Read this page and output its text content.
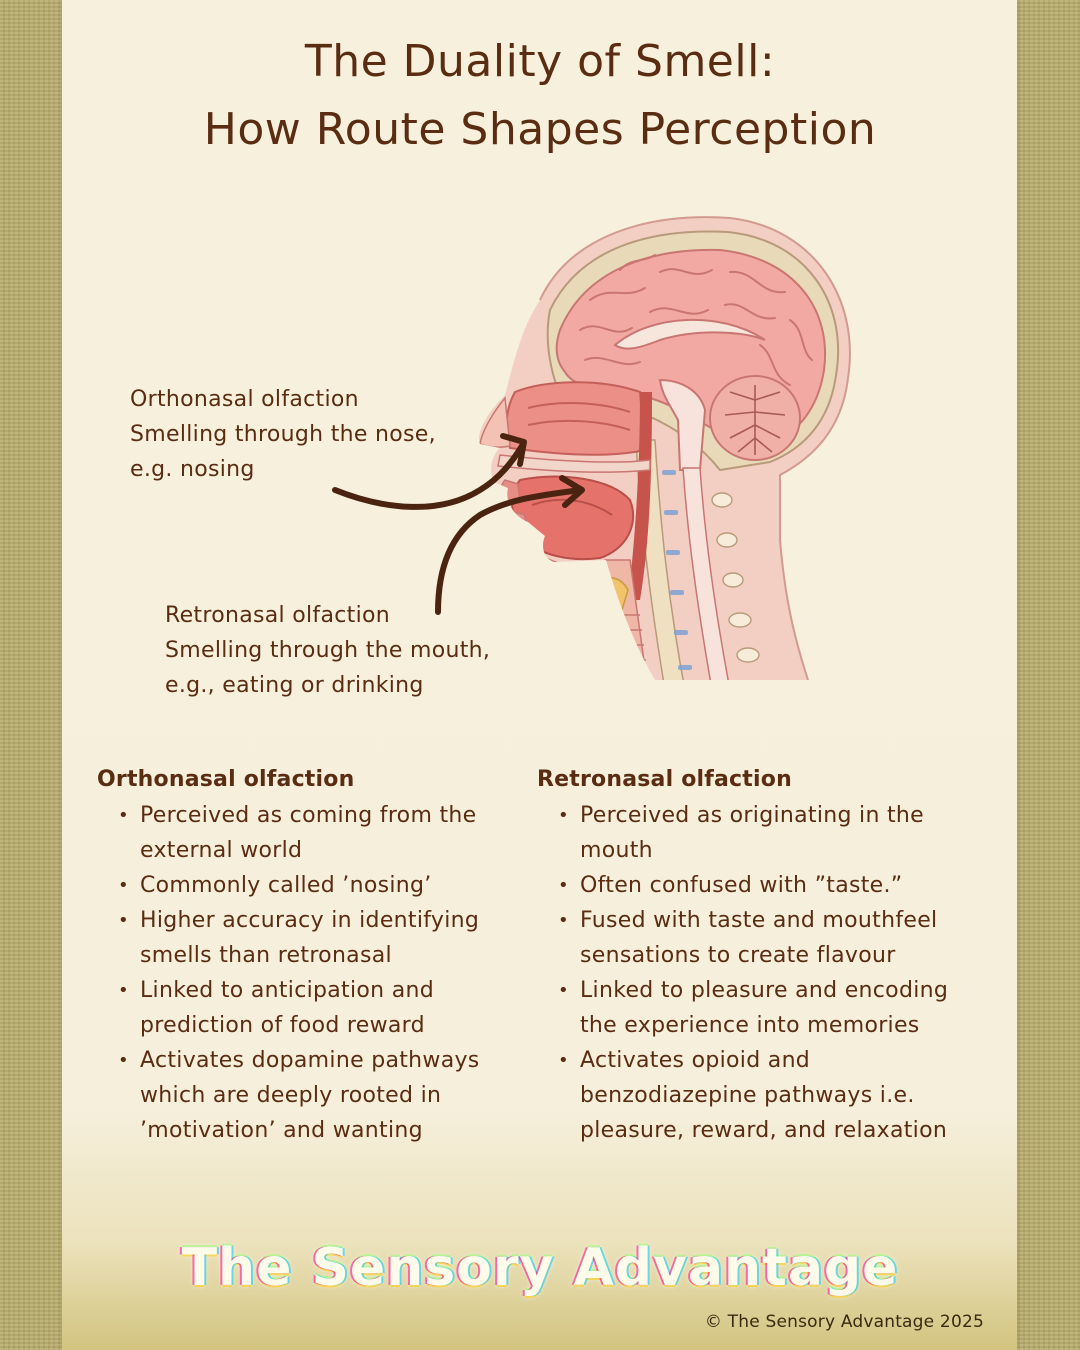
The Duality of Smell:
How Route Shapes Perception
Orthonasal olfaction
Smelling through the nose,
e.g. nosing
Retronasal olfaction
Smelling through the mouth,
e.g., eating or drinking
Orthonasal olfaction
• Perceived as coming from the
external world
• Commonly called ’nosing’
• Higher accuracy in identifying
smells than retronasal
• Linked to anticipation and
prediction of food reward
• Activates dopamine pathways
which are deeply rooted in
’motivation’ and wanting
Retronasal olfaction
• Perceived as originating in the
mouth
• Often confused with ”taste.”
• Fused with taste and mouthfeel
sensations to create flavour
• Linked to pleasure and encoding
the experience into memories
• Activates opioid and
benzodiazepine pathways i.e.
pleasure, reward, and relaxation
The Sensory Advantage
© The Sensory Advantage 2025
